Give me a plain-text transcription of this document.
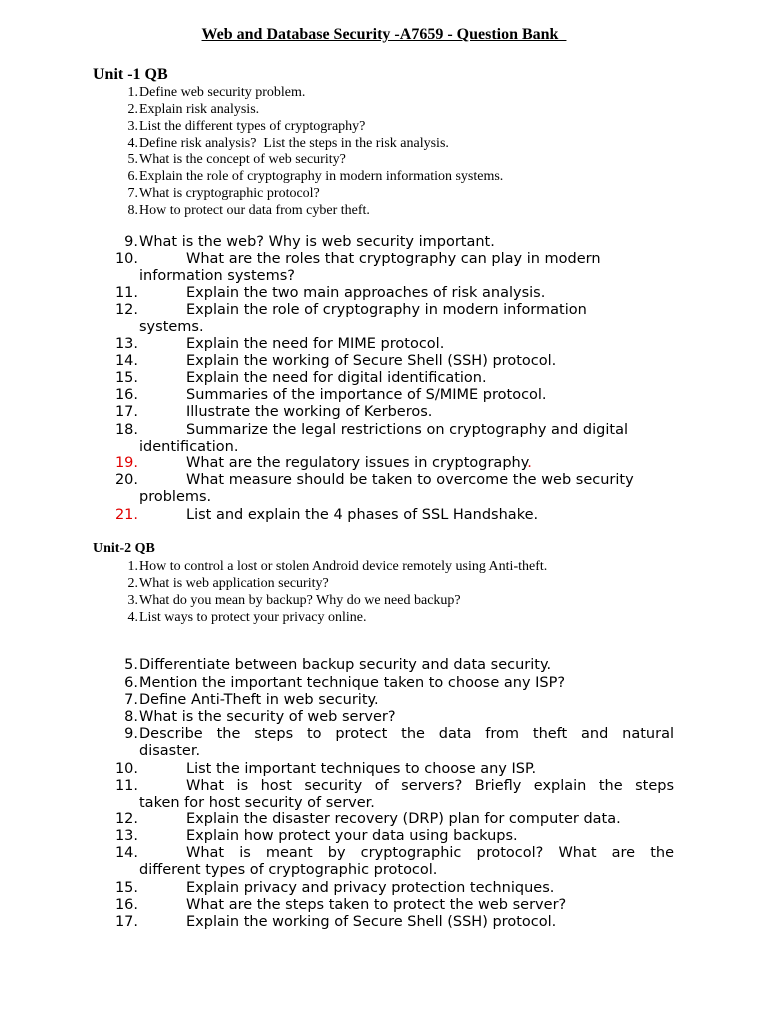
Web and Database Security -A7659 - Question Bank
Unit -1 QB
1. Define web security problem.
2. Explain risk analysis.
3. List the different types of cryptography?
4. Define risk analysis?  List the steps in the risk analysis.
5. What is the concept of web security?
6. Explain the role of cryptography in modern information systems.
7. What is cryptographic protocol?
8. How to protect our data from cyber theft.
9. What is the web? Why is web security important.
10.	What are the roles that cryptography can play in modern
information systems?
11.	Explain the two main approaches of risk analysis.
12.	Explain the role of cryptography in modern information
systems.
13.	Explain the need for MIME protocol.
14.	Explain the working of Secure Shell (SSH) protocol.
15.	Explain the need for digital identification.
16.	Summaries of the importance of S/MIME protocol.
17.	Illustrate the working of Kerberos.
18.	Summarize the legal restrictions on cryptography and digital
identification.
19.	What are the regulatory issues in cryptography.
20.	What measure should be taken to overcome the web security
problems.
21.	List and explain the 4 phases of SSL Handshake.
Unit-2 QB
1. How to control a lost or stolen Android device remotely using Anti-theft.
2. What is web application security?
3. What do you mean by backup? Why do we need backup?
4. List ways to protect your privacy online.
5. Differentiate between backup security and data security.
6. Mention the important technique taken to choose any ISP?
7. Define Anti-Theft in web security.
8. What is the security of web server?
9. Describe the steps to protect the data from theft and natural
disaster.
10.	List the important techniques to choose any ISP.
11.	What is host security of servers? Briefly explain the steps
taken for host security of server.
12.	Explain the disaster recovery (DRP) plan for computer data.
13.	Explain how protect your data using backups.
14.	What is meant by cryptographic protocol? What are the
different types of cryptographic protocol.
15.	Explain privacy and privacy protection techniques.
16.	What are the steps taken to protect the web server?
17.	Explain the working of Secure Shell (SSH) protocol.
